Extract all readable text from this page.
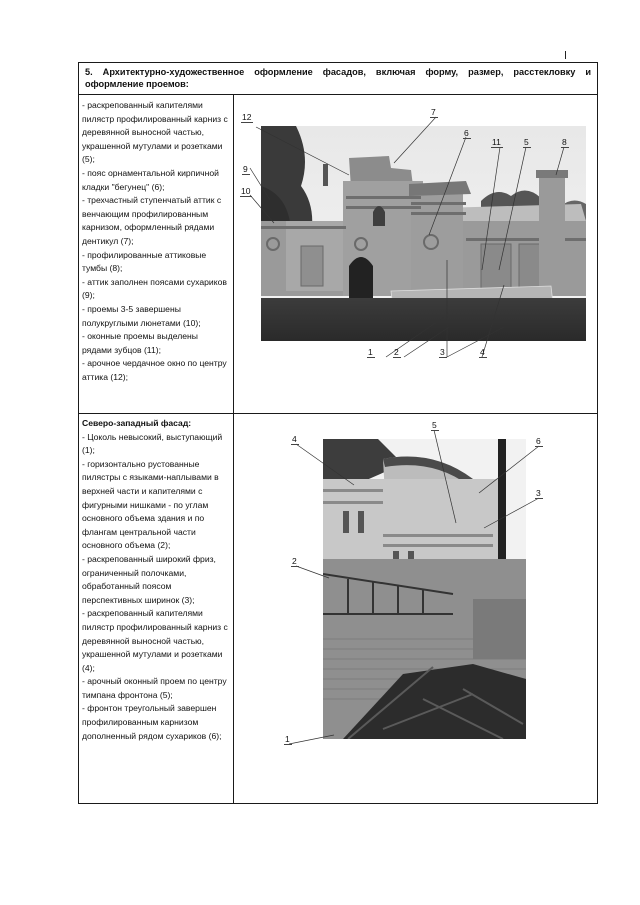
5. Архитектурно-художественное оформление фасадов, включая форму, размер, расстекловку и оформление проемов:

- раскрепованный капителями пилястр профилированный карниз с деревянной выносной частью, украшенной мутулами и розетками (5);

- пояс орнаментальной кирпичной кладки "бегунец" (6);

- трехчастный ступенчатый аттик с венчающим профилированным карнизом, оформленный рядами дентикул (7);

- профилированные аттиковые тумбы (8);

- аттик заполнен поясами сухариков (9);

- проемы 3-5 завершены полукруглыми люнетами (10);

- оконные проемы выделены рядами зубцов (11);

- арочное чердачное окно по центру аттика (12);

12	7
6
11	5	8
9
10
1	2	3	4

Северо-западный фасад:

- Цоколь невысокий, выступающий (1);

- горизонтально рустованные пилястры с языками-наплывами в верхней части и капителями с фигурными нишками - по углам основного объема здания и по флангам центральной части основного объема (2);

- раскрепованный широкий фриз, ограниченный полочками, обработанный поясом перспективных ширинок (3);

- раскрепованный капителями пилястр профилированный карниз с деревянной выносной частью, украшенной мутулами и розетками (4);

- арочный оконный проем по центру тимпана фронтона (5);

- фронтон треугольный завершен профилированным карнизом дополненный рядом сухариков (6);

4
5
6
3
2
1
